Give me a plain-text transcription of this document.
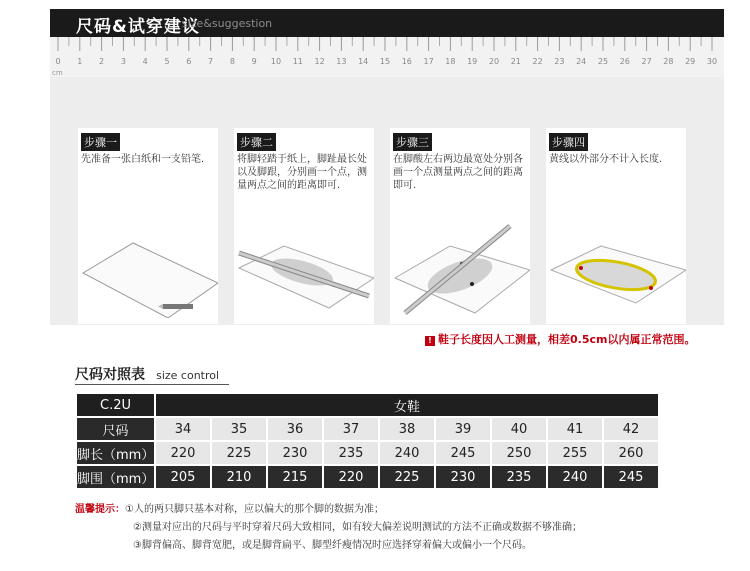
尺码&试穿建议
size&suggestion
0 1 2 3 4 5 6 7 8 9 10 11 12 13 14 15 16 17 18 19 20 21 22 23 24 25 26 27 28 29 30
cm
步骤一
先准备一张白纸和一支铅笔.
步骤二
将脚轻踏于纸上，脚趾最长处以及脚跟，分别画一个点，测量两点之间的距离即可.
步骤三
在脚酸左右两边最宽处分别各画一个点测量两点之间的距离即可.
步骤四
黄线以外部分不计入长度.
! 鞋子长度因人工测量，相差0.5cm以内属正常范围。
尺码对照表 size control
C.2U	女鞋								
尺码	34	35	36	37	38	39	40	41	42
脚长（mm）	220	225	230	235	240	245	250	255	260
脚围（mm）	205	210	215	220	225	230	235	240	245
温馨提示：①人的两只脚只基本对称，应以偏大的那个脚的数据为准；
②测量对应出的尺码与平时穿着尺码大致相同，如有较大偏差说明测试的方法不正确或数据不够准确；
③脚背偏高、脚背宽肥，或是脚背扁平、脚型纤瘦情况时应选择穿着偏大或偏小一个尺码。
